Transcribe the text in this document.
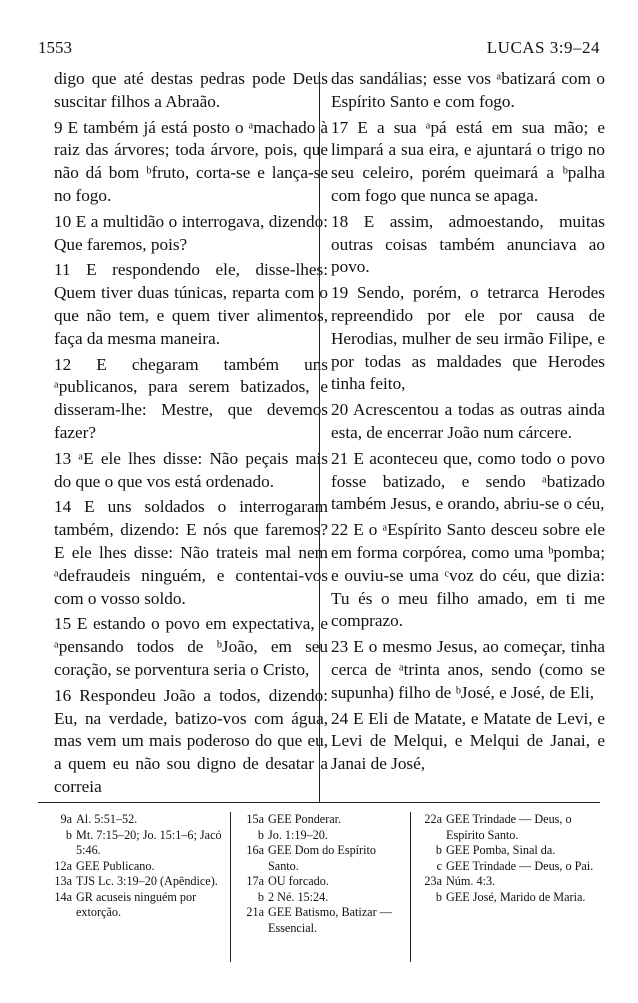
1553	LUCAS 3:9–24

digo que até destas pedras pode Deus suscitar filhos a Abraão.

9 E também já está posto o ᵃmachado à raiz das árvores; toda árvore, pois, que não dá bom ᵇfruto, corta-se e lança-se no fogo.

10 E a multidão o interrogava, dizendo: Que faremos, pois?

11 E respondendo ele, disse-lhes: Quem tiver duas túnicas, reparta com o que não tem, e quem tiver alimentos, faça da mesma maneira.

12 E chegaram também uns ᵃpublicanos, para serem batizados, e disseram-lhe: Mestre, que devemos fazer?

13 ᵃE ele lhes disse: Não peçais mais do que o que vos está ordenado.

14 E uns soldados o interrogaram também, dizendo: E nós que faremos? E ele lhes disse: Não trateis mal nem ᵃdefraudeis ninguém, e contentai-vos com o vosso soldo.

15 E estando o povo em expectativa, e ᵃpensando todos de ᵇJoão, em seu coração, se porventura seria o Cristo,

16 Respondeu João a todos, dizendo: Eu, na verdade, batizo-vos com água, mas vem um mais poderoso do que eu, a quem eu não sou digno de desatar a correia

das sandálias; esse vos ᵃbatizará com o Espírito Santo e com fogo.

17 E a sua ᵃpá está em sua mão; e limpará a sua eira, e ajuntará o trigo no seu celeiro, porém queimará a ᵇpalha com fogo que nunca se apaga.

18 E assim, admoestando, muitas outras coisas também anunciava ao povo.

19 Sendo, porém, o tetrarca Herodes repreendido por ele por causa de Herodias, mulher de seu irmão Filipe, e por todas as maldades que Herodes tinha feito,

20 Acrescentou a todas as outras ainda esta, de encerrar João num cárcere.

21 E aconteceu que, como todo o povo fosse batizado, e sendo ᵃbatizado também Jesus, e orando, abriu-se o céu,

22 E o ᵃEspírito Santo desceu sobre ele em forma corpórea, como uma ᵇpomba; e ouviu-se uma ᶜvoz do céu, que dizia: Tu és o meu filho amado, em ti me comprazo.

23 E o mesmo Jesus, ao começar, tinha cerca de ᵃtrinta anos, sendo (como se supunha) filho de ᵇJosé, e José, de Eli,

24 E Eli de Matate, e Matate de Levi, e Levi de Melqui, e Melqui de Janai, e Janai de José,

9a Al. 5:51–52.
b Mt. 7:15–20; Jo. 15:1–6; Jacó 5:46.
12a GEE Publicano.
13a TJS Lc. 3:19–20 (Apêndice).
14a GR acuseis ninguém por extorção.
15a GEE Ponderar.
b Jo. 1:19–20.
16a GEE Dom do Espírito Santo.
17a OU forcado.
b 2 Né. 15:24.
21a GEE Batismo, Batizar — Essencial.
22a GEE Trindade — Deus, o Espírito Santo.
b GEE Pomba, Sinal da.
c GEE Trindade — Deus, o Pai.
23a Núm. 4:3.
b GEE José, Marido de Maria.
